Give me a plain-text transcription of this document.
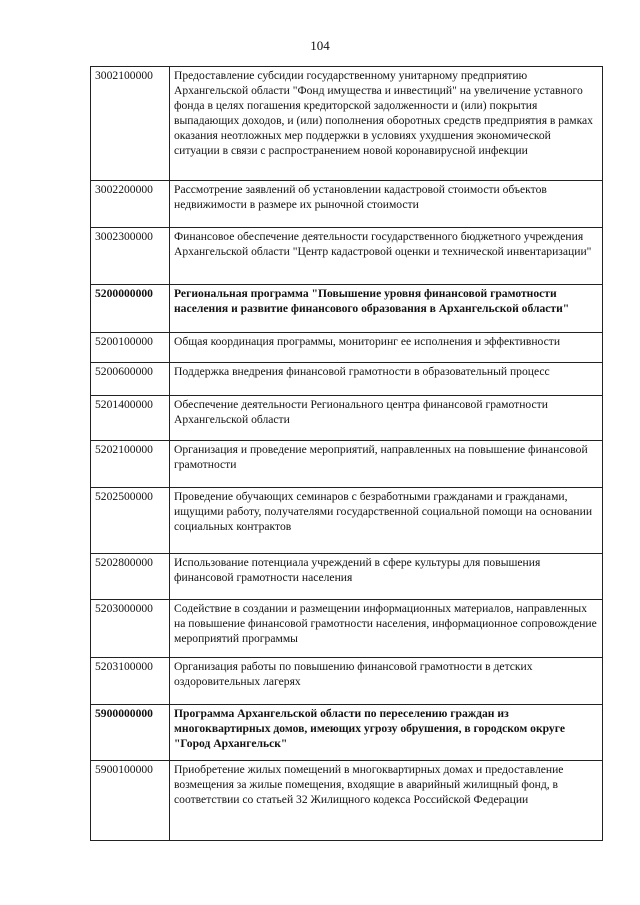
104
3002100000	Предоставление субсидии государственному унитарному предприятию Архангельской области "Фонд имущества и инвестиций" на увеличение уставного фонда в целях погашения кредиторской задолженности и (или) покрытия выпадающих доходов, и (или) пополнения оборотных средств предприятия в рамках оказания неотложных мер поддержки в условиях ухудшения экономической ситуации в связи с распространением новой коронавирусной инфекции
3002200000	Рассмотрение заявлений об установлении кадастровой стоимости объектов недвижимости в размере их рыночной стоимости
3002300000	Финансовое обеспечение деятельности государственного бюджетного учреждения Архангельской области "Центр кадастровой оценки и технической инвентаризации"
5200000000	Региональная программа "Повышение уровня финансовой грамотности населения и развитие финансового образования в Архангельской области"
5200100000	Общая координация программы, мониторинг ее исполнения и эффективности
5200600000	Поддержка внедрения финансовой грамотности в образовательный процесс
5201400000	Обеспечение деятельности Регионального центра финансовой грамотности Архангельской области
5202100000	Организация и проведение мероприятий, направленных на повышение финансовой грамотности
5202500000	Проведение обучающих семинаров с безработными гражданами и гражданами, ищущими работу, получателями государственной социальной помощи на основании социальных контрактов
5202800000	Использование потенциала учреждений в сфере культуры для повышения финансовой грамотности населения
5203000000	Содействие в создании и размещении информационных материалов, направленных на повышение финансовой грамотности населения, информационное сопровождение мероприятий программы
5203100000	Организация работы по повышению финансовой грамотности в детских оздоровительных лагерях
5900000000	Программа Архангельской области по переселению граждан из многоквартирных домов, имеющих угрозу обрушения, в городском округе "Город Архангельск"
5900100000	Приобретение жилых помещений в многоквартирных домах и предоставление возмещения за жилые помещения, входящие в аварийный жилищный фонд, в соответствии со статьей 32 Жилищного кодекса Российской Федерации
